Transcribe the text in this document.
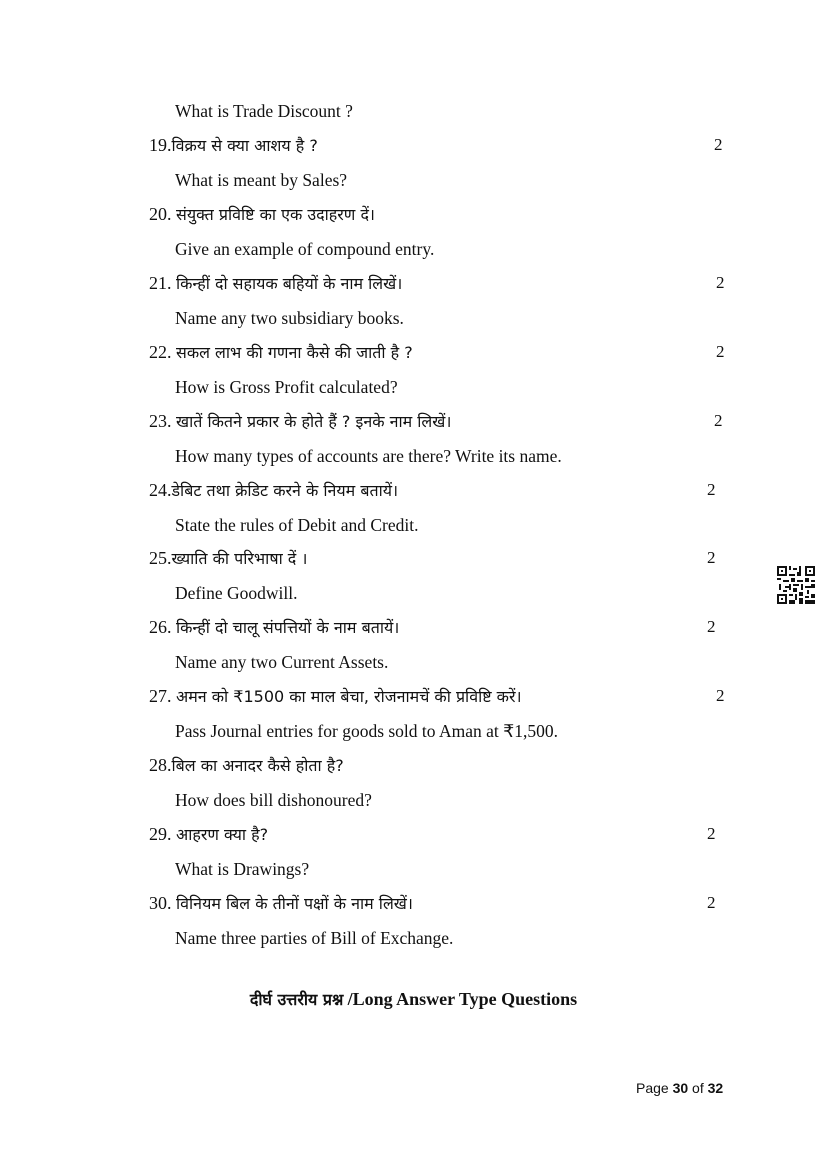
What is Trade Discount ?
19.विक्रय से क्या आशय है ?	2
What is meant by Sales?
20. संयुक्त प्रविष्टि का एक उदाहरण दें।
Give an example of compound entry.
21. किन्हीं दो सहायक बहियों के नाम लिखें।	2
Name any two subsidiary books.
22. सकल लाभ की गणना कैसे की जाती है ?	2
How is Gross Profit calculated?
23. खातें कितने प्रकार के होते हैं ? इनके नाम लिखें।	2
How many types of accounts are there? Write its name.
24.डेबिट तथा क्रेडिट करने के नियम बतायें।	2
State the rules of Debit and Credit.
25.ख्याति की परिभाषा दें ।	2
Define Goodwill.
26. किन्हीं दो चालू संपत्तियों के नाम बतायें।	2
Name any two Current Assets.
27. अमन को ₹1500 का माल बेचा, रोजनामचें की प्रविष्टि करें।	2
Pass Journal entries for goods sold to Aman at ₹1,500.
28.बिल का अनादर कैसे होता है?
How does bill dishonoured?
29. आहरण क्या है?	2
What is Drawings?
30. विनियम बिल के तीनों पक्षों के नाम लिखें।	2
Name three parties of Bill of Exchange.
दीर्घ उत्तरीय प्रश्न /Long Answer Type Questions
Page 30 of 32
